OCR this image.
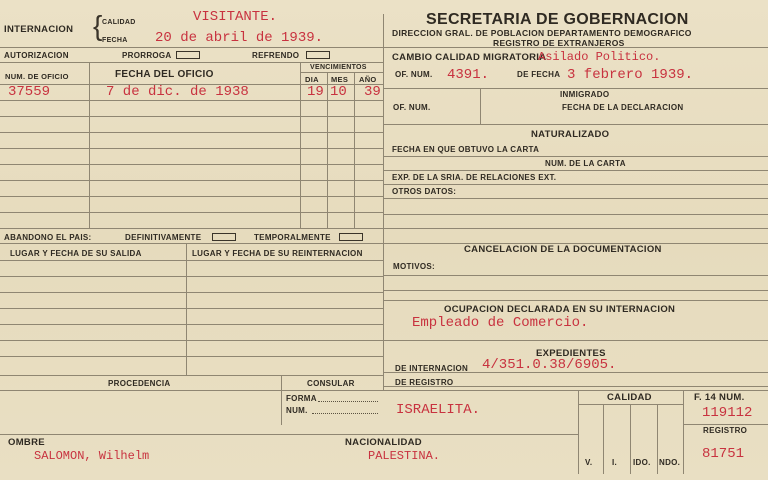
INTERNACION { CALIDAD	VISITANTE.
FECHA 20 de abril de 1939.
AUTORIZACION	PRORROGA	REFRENDO
NUM. DE OFICIO	FECHA DEL OFICIO
VENCIMIENTOS
DIA MES AÑO
37559	7 de dic. de 1938	19 10 39
ABANDONO EL PAIS:	DEFINITIVAMENTE	TEMPORALMENTE
LUGAR Y FECHA DE SU SALIDA	LUGAR Y FECHA DE SU REINTERNACION
PROCEDENCIA	CONSULAR
FORMA
NUM.
SECRETARIA DE GOBERNACION
DIRECCION GRAL. DE POBLACION DEPARTAMENTO DEMOGRAFICO
REGISTRO DE EXTRANJEROS
CAMBIO CALIDAD MIGRATORIA
Asilado Politico.
OF. NUM. 4391.	DE FECHA 3 febrero 1939.
INMIGRADO
OF. NUM.	FECHA DE LA DECLARACION
NATURALIZADO
FECHA EN QUE OBTUVO LA CARTA
NUM. DE LA CARTA
EXP. DE LA SRIA. DE RELACIONES EXT.
OTROS DATOS:
CANCELACION DE LA DOCUMENTACION
MOTIVOS:
OCUPACION DECLARADA EN SU INTERNACION
Empleado de Comercio.
EXPEDIENTES
DE INTERNACION 4/351.0.38/6905.
DE REGISTRO
ISRAELITA.
CALIDAD
V. I. IDO. NDO.
F. 14 NUM.
119112
REGISTRO
81751
OMBRE
SALOMON, Wilhelm
NACIONALIDAD
PALESTINA.
